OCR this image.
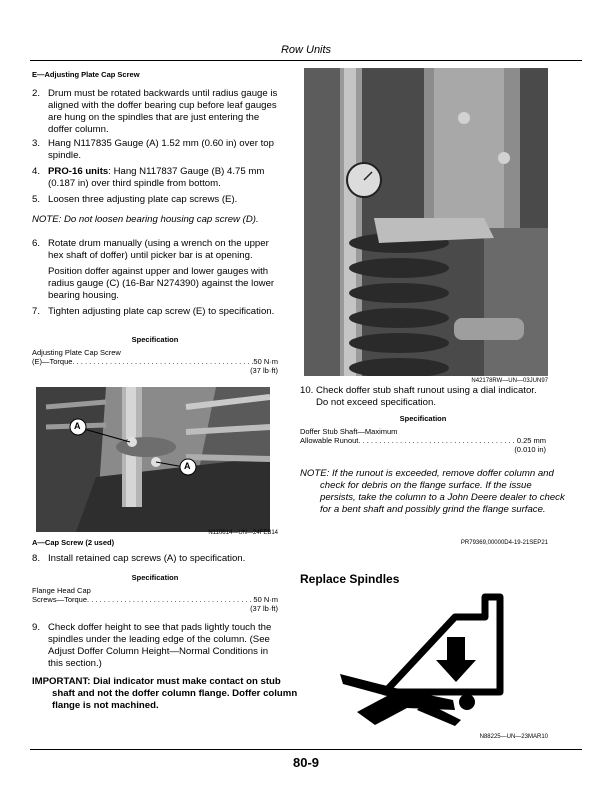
Row Units
E—Adjusting Plate Cap Screw
2. Drum must be rotated backwards until radius gauge is aligned with the doffer bearing cup before leaf gauges are hung on the spindles that are just entering the doffer column.
3. Hang N117835 Gauge (A) 1.52 mm (0.60 in) over top spindle.
4. PRO-16 units: Hang N117837 Gauge (B) 4.75 mm (0.187 in) over third spindle from bottom.
5. Loosen three adjusting plate cap screws (E).
NOTE: Do not loosen bearing housing cap screw (D).
6. Rotate drum manually (using a wrench on the upper hex shaft of doffer) until picker bar is at opening.
Position doffer against upper and lower gauges with radius gauge (C) (16-Bar N274390) against the lower bearing housing.
7. Tighten adjusting plate cap screw (E) to specification.
Specification
Adjusting Plate Cap Screw
(E)—Torque . . .	50 N·m
(37 lb·ft)
A
A
N110614—UN—24FEB14
A—Cap Screw (2 used)
8. Install retained cap screws (A) to specification.
Specification
Flange Head Cap
Screws—Torque . . .	50 N·m
(37 lb·ft)
9. Check doffer height to see that pads lightly touch the spindles under the leading edge of the column. (See Adjust Doffer Column Height—Normal Conditions in this section.)
IMPORTANT: Dial indicator must make contact on stub shaft and not the doffer column flange. Doffer column flange is not machined.
N42178RW—UN—03JUN97
10. Check doffer stub shaft runout using a dial indicator. Do not exceed specification.
Specification
Doffer Stub Shaft—Maximum
Allowable Runout . . .	0.25 mm
(0.010 in)
NOTE: If the runout is exceeded, remove doffer column and check for debris on the flange surface. If the issue persists, take the column to a John Deere dealer to check for a bent shaft and possibly grind the flange surface.
PR79369,00000D4-19-21SEP21
Replace Spindles
N88225—UN—23MAR10
80-9
